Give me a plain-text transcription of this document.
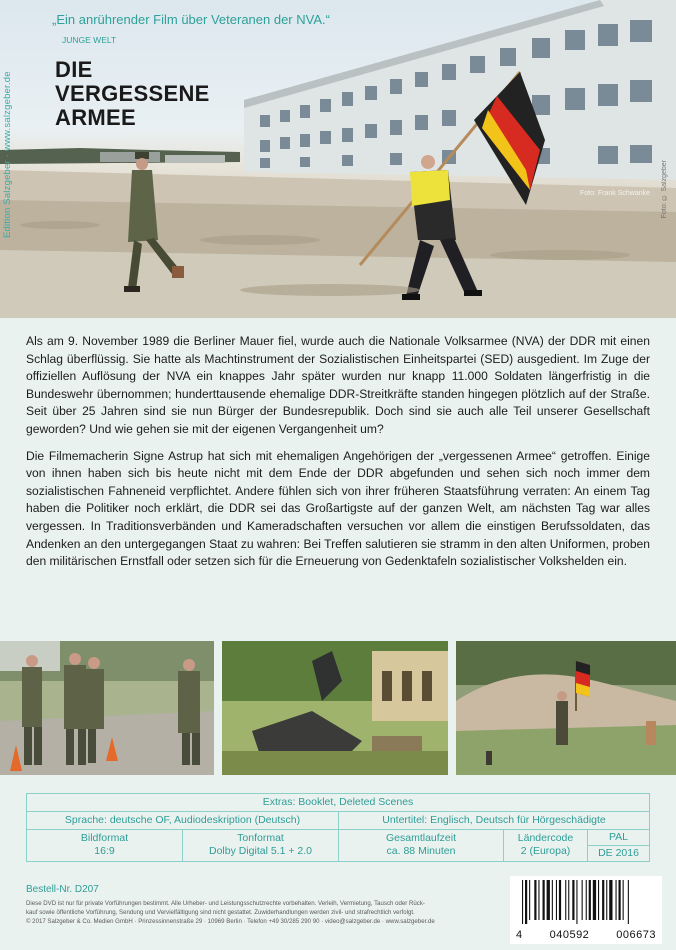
Edition Salzgeber · www.salzgeber.de
„Ein anrührender Film über Veteranen der NVA.“
JUNGE WELT
DIE
VERGESSENE
ARMEE
Foto: © Salzgeber
Foto: Frank Schwanke

Als am 9. November 1989 die Berliner Mauer fiel, wurde auch die Nationale Volksarmee (NVA) der DDR mit einen Schlag überflüssig. Sie hatte als Machtinstrument der Sozialistischen Einheitspartei (SED) ausgedient. Im Zuge der offiziellen Auflösung der NVA ein knappes Jahr später wurden nur knapp 11.000 Soldaten längerfristig in die Bundeswehr übernommen; hunderttausende ehemalige DDR-Streitkräfte standen hingegen plötzlich auf der Straße. Seit über 25 Jahren sind sie nun Bürger der Bundesrepublik. Doch sind sie auch alle Teil unserer Gesellschaft geworden? Und wie gehen sie mit der eigenen Vergangenheit um?

Die Filmemacherin Signe Astrup hat sich mit ehemaligen Angehörigen der „vergessenen Armee“ getroffen. Einige von ihnen haben sich bis heute nicht mit dem Ende der DDR abgefunden und sehen sich noch immer dem sozialistischen Fahneneid verpflichtet. Andere fühlen sich von ihrer früheren Staatsführung verraten: An einem Tag haben die Politiker noch erklärt, die DDR sei das Großartigste auf der ganzen Welt, am nächsten Tag war alles vergessen. In Traditionsverbänden und Kameradschaften versuchen vor allem die einstigen Berufssoldaten, das Andenken an den untergegangen Staat zu wahren: Bei Treffen salutieren sie stramm in den alten Uniformen, proben den militärischen Ernstfall oder setzen sich für die Erneuerung von Gedenktafeln sozialistischer Volkshelden ein.

Extras: Booklet, Deleted Scenes
Sprache: deutsche OF, Audiodeskription (Deutsch)	Untertitel: Englisch, Deutsch für Hörgeschädigte
Bildformat
16:9
Tonformat
Dolby Digital 5.1 + 2.0
Gesamtlaufzeit
ca. 88 Minuten
Ländercode
2 (Europa)
PAL
DE 2016
Bestell-Nr. D207
Diese DVD ist nur für private Vorführungen bestimmt. Alle Urheber- und Leistungsschutzrechte vorbehalten. Verleih, Vermietung, Tausch oder Rück-
kauf sowie öffentliche Vorführung, Sendung und Vervielfältigung sind nicht gestattet. Zuwiderhandlungen werden zivil- und strafrechtlich verfolgt.
© 2017 Salzgeber & Co. Medien GmbH · Prinzessinnenstraße 29 · 10969 Berlin · Telefon +49 30/285 290 90 · video@salzgeber.de · www.salzgeber.de
4 040592 006673
